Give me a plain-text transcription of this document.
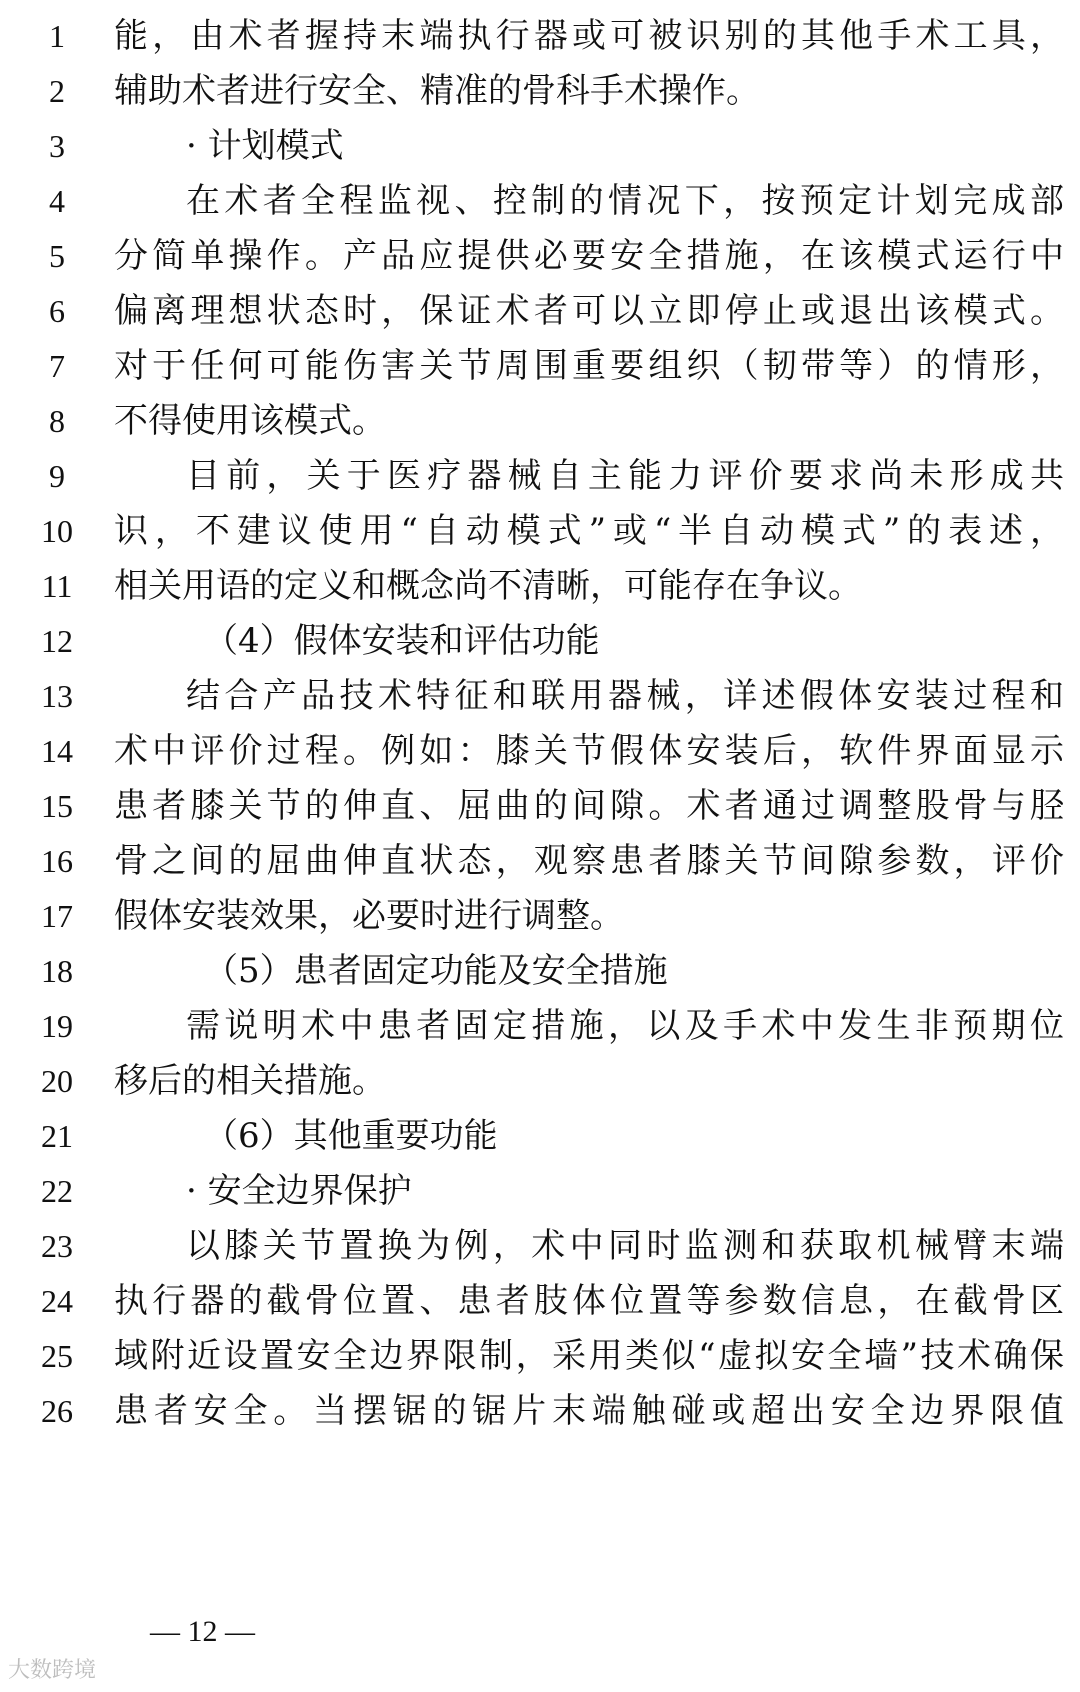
1	能，由术者握持末端执行器或可被识别的其他手术工具，
2	辅助术者进行安全、精准的骨科手术操作。
3	· 计划模式
4	在术者全程监视、控制的情况下，按预定计划完成部
5	分简单操作。产品应提供必要安全措施，在该模式运行中
6	偏离理想状态时，保证术者可以立即停止或退出该模式。
7	对于任何可能伤害关节周围重要组织（韧带等）的情形，
8	不得使用该模式。
9	目前，关于医疗器械自主能力评价要求尚未形成共
10	识，不建议使用“自动模式”或“半自动模式”的表述，
11	相关用语的定义和概念尚不清晰，可能存在争议。
12	（4）假体安装和评估功能
13	结合产品技术特征和联用器械，详述假体安装过程和
14	术中评价过程。例如：膝关节假体安装后，软件界面显示
15	患者膝关节的伸直、屈曲的间隙。术者通过调整股骨与胫
16	骨之间的屈曲伸直状态，观察患者膝关节间隙参数，评价
17	假体安装效果，必要时进行调整。
18	（5）患者固定功能及安全措施
19	需说明术中患者固定措施，以及手术中发生非预期位
20	移后的相关措施。
21	（6）其他重要功能
22	· 安全边界保护
23	以膝关节置换为例，术中同时监测和获取机械臂末端
24	执行器的截骨位置、患者肢体位置等参数信息，在截骨区
25	域附近设置安全边界限制，采用类似“虚拟安全墙”技术确保
26	患者安全。当摆锯的锯片末端触碰或超出安全边界限值
— 12 —
大数跨境
